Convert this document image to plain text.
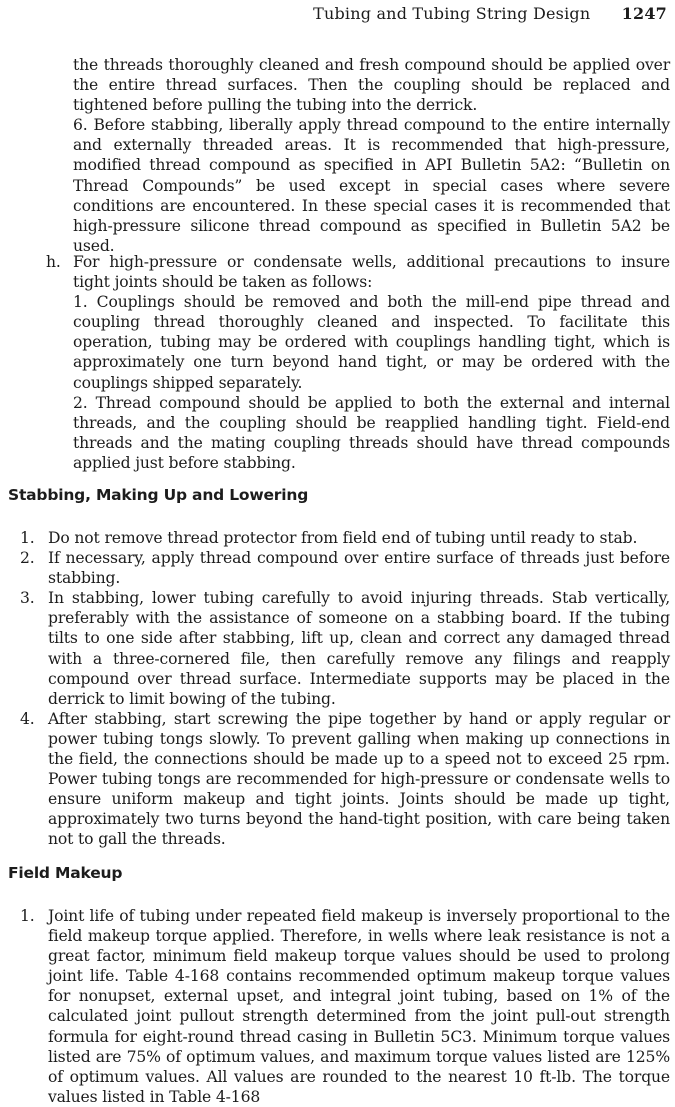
Tubing and Tubing String Design 1247

the threads thoroughly cleaned and fresh compound should be applied over the entire thread surfaces. Then the coupling should be replaced and tightened before pulling the tubing into the derrick.

6. Before stabbing, liberally apply thread compound to the entire internally and externally threaded areas. It is recommended that high-pressure, modified thread compound as specified in API Bulletin 5A2: “Bulletin on Thread Compounds” be used except in special cases where severe conditions are encountered. In these special cases it is recommended that high-pressure silicone thread compound as specified in Bulletin 5A2 be used.

h. For high-pressure or condensate wells, additional precautions to insure tight joints should be taken as follows:

1. Couplings should be removed and both the mill-end pipe thread and coupling thread thoroughly cleaned and inspected. To facilitate this operation, tubing may be ordered with couplings handling tight, which is approximately one turn beyond hand tight, or may be ordered with the couplings shipped separately.

2. Thread compound should be applied to both the external and internal threads, and the coupling should be reapplied handling tight. Field-end threads and the mating coupling threads should have thread compounds applied just before stabbing.

Stabbing, Making Up and Lowering
1. Do not remove thread protector from field end of tubing until ready to stab.
2. If necessary, apply thread compound over entire surface of threads just before stabbing.
3. In stabbing, lower tubing carefully to avoid injuring threads. Stab vertically, preferably with the assistance of someone on a stabbing board. If the tubing tilts to one side after stabbing, lift up, clean and correct any damaged thread with a three-cornered file, then carefully remove any filings and reapply compound over thread surface. Intermediate supports may be placed in the derrick to limit bowing of the tubing.
4. After stabbing, start screwing the pipe together by hand or apply regular or power tubing tongs slowly. To prevent galling when making up connections in the field, the connections should be made up to a speed not to exceed 25 rpm. Power tubing tongs are recommended for high-pressure or condensate wells to ensure uniform makeup and tight joints. Joints should be made up tight, approximately two turns beyond the hand-tight position, with care being taken not to gall the threads.
Field Makeup
1. Joint life of tubing under repeated field makeup is inversely proportional to the field makeup torque applied. Therefore, in wells where leak resistance is not a great factor, minimum field makeup torque values should be used to prolong joint life. Table 4-168 contains recommended optimum makeup torque values for nonupset, external upset, and integral joint tubing, based on 1% of the calculated joint pullout strength determined from the joint pull-out strength formula for eight-round thread casing in Bulletin 5C3. Minimum torque values listed are 75% of optimum values, and maximum torque values listed are 125% of optimum values. All values are rounded to the nearest 10 ft-lb. The torque values listed in Table 4-168
